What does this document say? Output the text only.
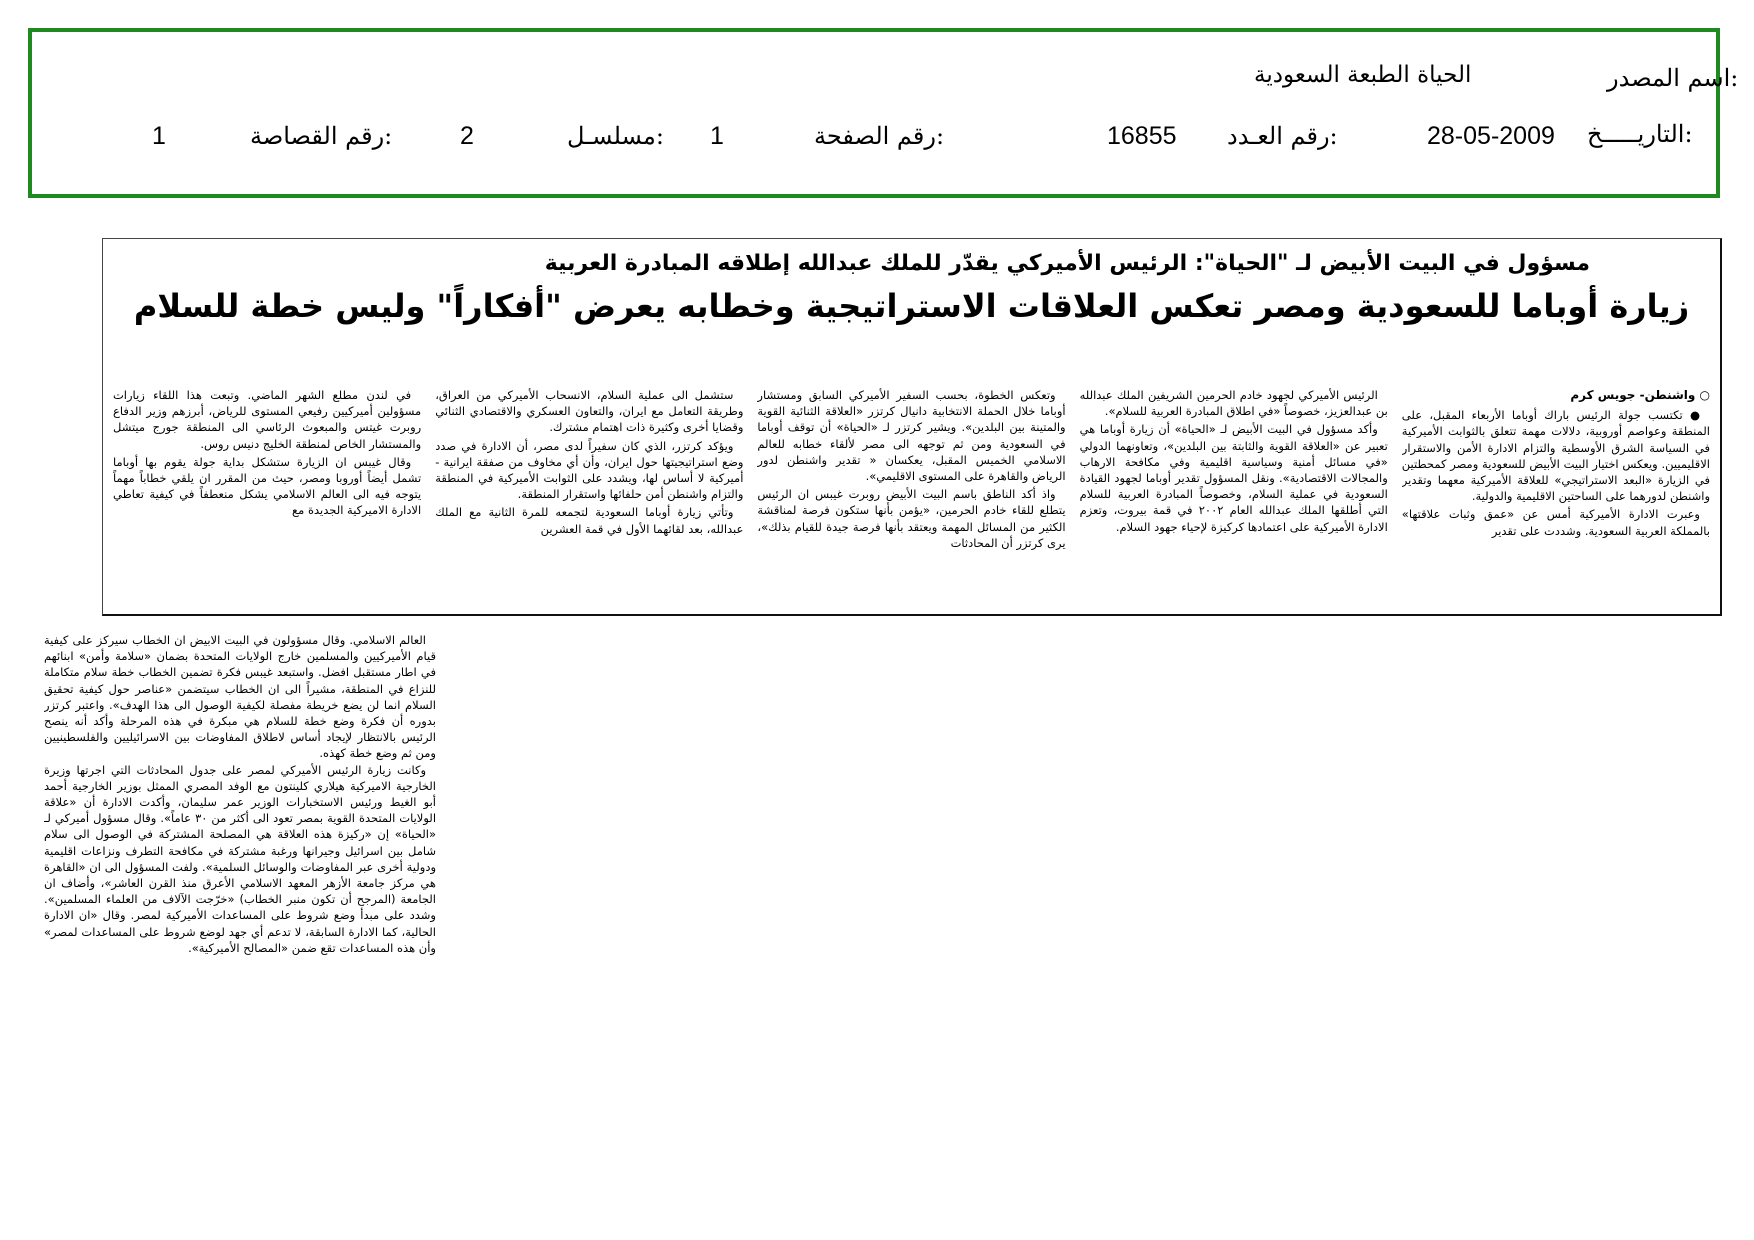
اسم المصدر:
الحياة الطبعة السعودية
التاريـــــخ:
28-05-2009
رقم العـدد:
16855
رقم الصفحة:
1
مسلسـل:
2
رقم القصاصة:
1
مسؤول في البيت الأبيض لـ "الحياة": الرئيس الأميركي يقدّر للملك عبدالله إطلاقه المبادرة العربية
زيارة أوباما للسعودية ومصر تعكس العلاقات الاستراتيجية وخطابه يعرض "أفكاراً" وليس خطة للسلام
○ واشنطن- جويس كرم

● تكتسب جولة الرئيس باراك أوباما الأربعاء المقبل، على المنطقة وعواصم أوروبية، دلالات مهمة تتعلق بالثوابت الأميركية في السياسة الشرق الأوسطية والتزام الادارة الأمن والاستقرار الاقليميين. ويعكس اختيار البيت الأبيض للسعودية ومصر كمحطتين في الزيارة «البعد الاستراتيجي» للعلاقة الأميركية معهما وتقدير واشنطن لدورهما على الساحتين الاقليمية والدولية.

وعبرت الادارة الأميركية أمس عن «عمق وثبات علاقتها» بالمملكة العربية السعودية. وشددت على تقدير

الرئيس الأميركي لجهود خادم الحرمين الشريفين الملك عبدالله بن عبدالعزيز، خصوصاً «في اطلاق المبادرة العربية للسلام».

وأكد مسؤول في البيت الأبيض لـ «الحياة» أن زيارة أوباما هي تعبير عن «العلاقة القوية والثابتة بين البلدين»، وتعاونهما الدولي «في مسائل أمنية وسياسية اقليمية وفي مكافحة الارهاب والمجالات الاقتصادية». ونقل المسؤول تقدير أوباما لجهود القيادة السعودية في عملية السلام، وخصوصاً المبادرة العربية للسلام التي أطلقها الملك عبدالله العام ٢٠٠٢ في قمة بيروت، وتعزم الادارة الأميركية على اعتمادها كركيزة لإحياء جهود السلام.

وتعكس الخطوة، بحسب السفير الأميركي السابق ومستشار أوباما خلال الحملة الانتخابية دانيال كرتزر «العلاقة الثنائية القوية والمتينة بين البلدين». ويشير كرتزر لـ «الحياة» أن توقف أوباما في السعودية ومن ثم توجهه الى مصر لألقاء خطابه للعالم الاسلامي الخميس المقبل، يعكسان « تقدير واشنطن لدور الرياض والقاهرة على المستوى الاقليمي».

واذ أكد الناطق باسم البيت الأبيض روبرت غيبس ان الرئيس يتطلع للقاء خادم الحرمين، «يؤمن بأنها ستكون فرصة لمناقشة الكثير من المسائل المهمة ويعتقد بأنها فرصة جيدة للقيام بذلك»، يرى كرتزر أن المحادثات

ستشمل الى عملية السلام، الانسحاب الأميركي من العراق، وطريقة التعامل مع ايران، والتعاون العسكري والاقتصادي الثنائي وقضايا أخرى وكثيرة ذات اهتمام مشترك.

ويؤكد كرتزر، الذي كان سفيراً لدى مصر، أن الادارة في صدد وضع استراتيجيتها حول ايران، وأن أي مخاوف من صفقة ايرانية - أميركية لا أساس لها، ويشدد على الثوابت الأميركية في المنطقة والتزام واشنطن أمن حلفائها واستقرار المنطقة.

وتأتي زيارة أوباما السعودية لتجمعه للمرة الثانية مع الملك عبدالله، بعد لقائهما الأول في قمة العشرين

في لندن مطلع الشهر الماضي. وتبعت هذا اللقاء زيارات مسؤولين أميركيين رفيعي المستوى للرياض، أبرزهم وزير الدفاع روبرت غيتس والمبعوث الرئاسي الى المنطقة جورج ميتشل والمستشار الخاص لمنطقة الخليج دنيس روس.

وقال غيبس ان الزيارة ستشكل بداية جولة يقوم بها أوباما تشمل أيضاً أوروبا ومصر، حيث من المقرر ان يلقي خطاباً مهماً يتوجه فيه الى العالم الاسلامي يشكل منعطفاً في كيفية تعاطي الادارة الاميركية الجديدة مع

العالم الاسلامي. وقال مسؤولون في البيت الابيض ان الخطاب سيركز على كيفية قيام الأميركيين والمسلمين خارج الولايات المتحدة بضمان «سلامة وأمن» ابنائهم في اطار مستقبل افضل. واستبعد غيبس فكرة تضمين الخطاب خطة سلام متكاملة للنزاع في المنطقة، مشيراً الى ان الخطاب سيتضمن «عناصر حول كيفية تحقيق السلام انما لن يضع خريطة مفصلة لكيفية الوصول الى هذا الهدف». واعتبر كرتزر بدوره أن فكرة وضع خطة للسلام هي مبكرة في هذه المرحلة وأكد أنه ينصح الرئيس بالانتظار لإيجاد أساس لاطلاق المفاوضات بين الاسرائيليين والفلسطينيين ومن ثم وضع خطة كهذه.

وكانت زيارة الرئيس الأميركي لمصر على جدول المحادثات التي اجرتها وزيرة الخارجية الاميركية هيلاري كلينتون مع الوفد المصري الممثل بوزير الخارجية أحمد أبو الغيط ورئيس الاستخبارات الوزير عمر سليمان، وأكدت الادارة أن «علاقة الولايات المتحدة القوية بمصر تعود الى أكثر من ٣٠ عاماً». وقال مسؤول أميركي لـ «الحياة» إن «ركيزة هذه العلاقة هي المصلحة المشتركة في الوصول الى سلام شامل بين اسرائيل وجيرانها ورغبة مشتركة في مكافحة التطرف ونزاعات اقليمية ودولية أخرى عبر المفاوضات والوسائل السلمية». ولفت المسؤول الى ان «القاهرة هي مركز جامعة الأزهر المعهد الاسلامي الأعرق منذ القرن العاشر»، وأضاف ان الجامعة (المرجح أن تكون منبر الخطاب) «خرّجت الآلاف من العلماء المسلمين». وشدد على مبدأ وضع شروط على المساعدات الأميركية لمصر. وقال «ان الادارة الحالية، كما الادارة السابقة، لا تدعم أي جهد لوضع شروط على المساعدات لمصر» وأن هذه المساعدات تقع ضمن «المصالح الأميركية».
